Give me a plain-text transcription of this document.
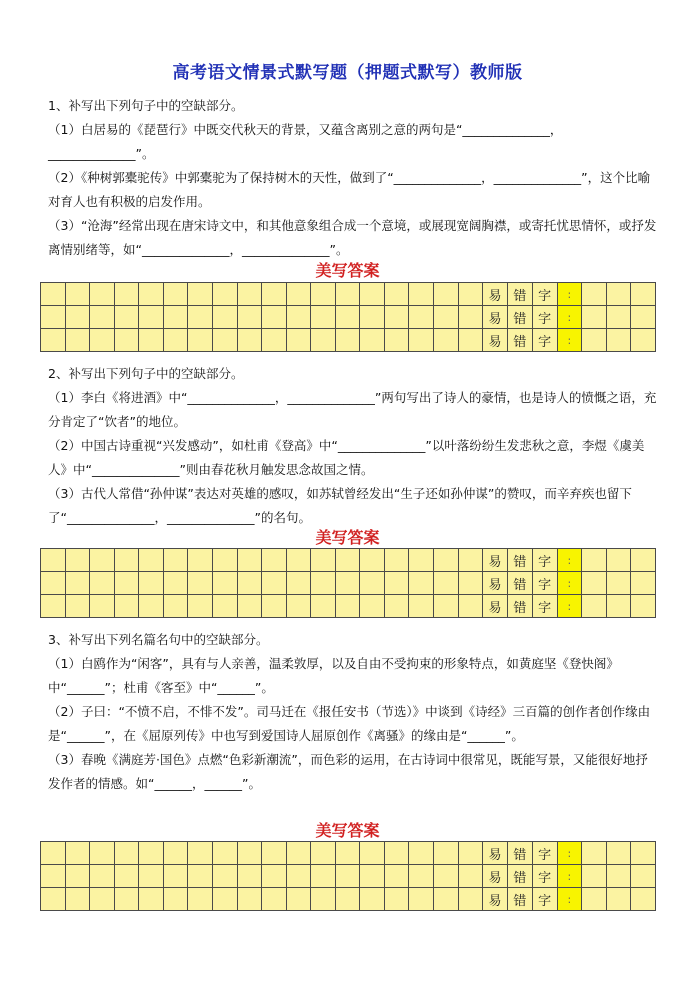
高考语文情景式默写题（押题式默写）教师版
1、补写出下列句子中的空缺部分。
（1）白居易的《琵琶行》中既交代秋天的背景，又蕴含离别之意的两句是“______________，______________”。
（2）《种树郭橐驼传》中郭橐驼为了保持树木的天性，做到了“______________，______________”，这个比喻对育人也有积极的启发作用。
（3）“沧海”经常出现在唐宋诗文中，和其他意象组合成一个意境，或展现宽阔胸襟，或寄托忧思情怀，或抒发离情别绪等，如“______________，______________”。
美写答案
																		易	错	字	:			
																		易	错	字	:			
																		易	错	字	:			
2、补写出下列句子中的空缺部分。
（1）李白《将进酒》中“______________，______________”两句写出了诗人的豪情，也是诗人的愤慨之语，充分肯定了“饮者”的地位。
（2）中国古诗重视“兴发感动”，如杜甫《登高》中“______________”以叶落纷纷生发悲秋之意，李煜《虞美人》中“______________”则由春花秋月触发思念故国之情。
（3）古代人常借“孙仲谋”表达对英雄的感叹，如苏轼曾经发出“生子还如孙仲谋”的赞叹，而辛弃疾也留下了“______________，______________”的名句。
美写答案
																		易	错	字	:			
																		易	错	字	:			
																		易	错	字	:			
3、补写出下列名篇名句中的空缺部分。
（1）白鸥作为“闲客”，具有与人亲善，温柔敦厚，以及自由不受拘束的形象特点，如黄庭坚《登快阁》中“______”；杜甫《客至》中“______”。
（2）子曰：“不愤不启，不悱不发”。司马迁在《报任安书（节选）》中谈到《诗经》三百篇的创作者创作缘由是“______”，在《屈原列传》中也写到爱国诗人屈原创作《离骚》的缘由是“______”。
（3）春晚《满庭芳·国色》点燃“色彩新潮流”，而色彩的运用，在古诗词中很常见，既能写景，又能很好地抒发作者的情感。如“______，______”。
美写答案
																		易	错	字	:			
																		易	错	字	:			
																		易	错	字	:			
